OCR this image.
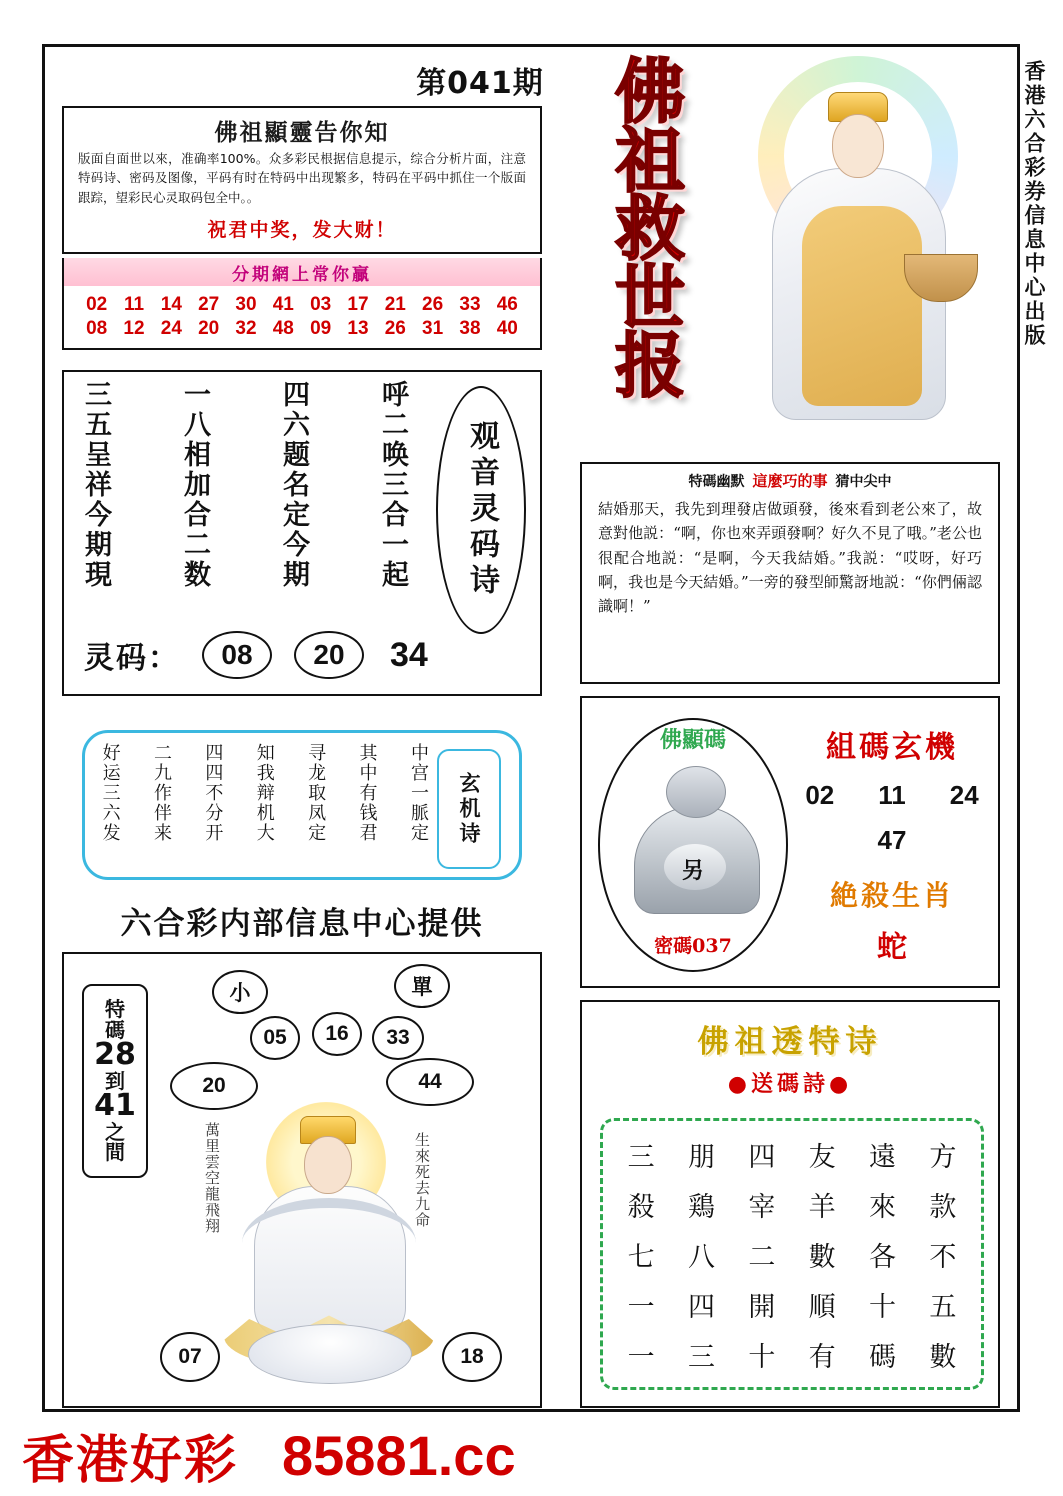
第041期
佛祖顯靈告你知

版面自面世以來，准确率100%。众多彩民根据信息提示，综合分析片面，注意特码诗、密码及图像，平码有时在特码中出现繁多，特码在平码中抓住一个版面跟踪，望彩民心灵取码包全中。。

祝君中奖，发大财！
分期網上常你贏
02 11 14 27 30 41 03 17 21 26 33 46
08 12 24 20 32 48 09 13 26 31 38 40
呼二唤三合一起
四六题名定今期
一八相加合二数
三五呈祥今期現	观音灵码诗
灵码：	08	20	34
中宫一脈定
其中有钱君
寻龙取凤定
知我辩机大
四四不分开
二九作伴来
好运三六发	玄机诗
六合彩内部信息中心提供
特
碼
28
到
41
之
間
小	單
05	16	33
20	44
萬里雲空龍飛翔	生來死去九命
07	18
佛
祖
救
世
报
香港六合彩券信息中心出版
特碼幽默 這麼巧的事 猜中尖中
結婚那天，我先到理發店做頭發，後來看到老公來了，故意對他説：“啊，你也來弄頭發啊？好久不見了哦。”老公也很配合地説：“是啊，今天我結婚。”我説：“哎呀，好巧啊，我也是今天結婚。”一旁的發型師驚訝地説：“你們倆認識啊！”
佛顯碼
另
密碼037
組碼玄機
02 11 24
47
絶殺生肖
蛇
佛祖透特诗
●送碼詩●
三 朋 四 友 遠 方
殺 鶏 宰 羊 來 款
七 八 二 數 各 不
一 四 開 順 十 五
一 三 十 有 碼 數
香港好彩 85881.cc
